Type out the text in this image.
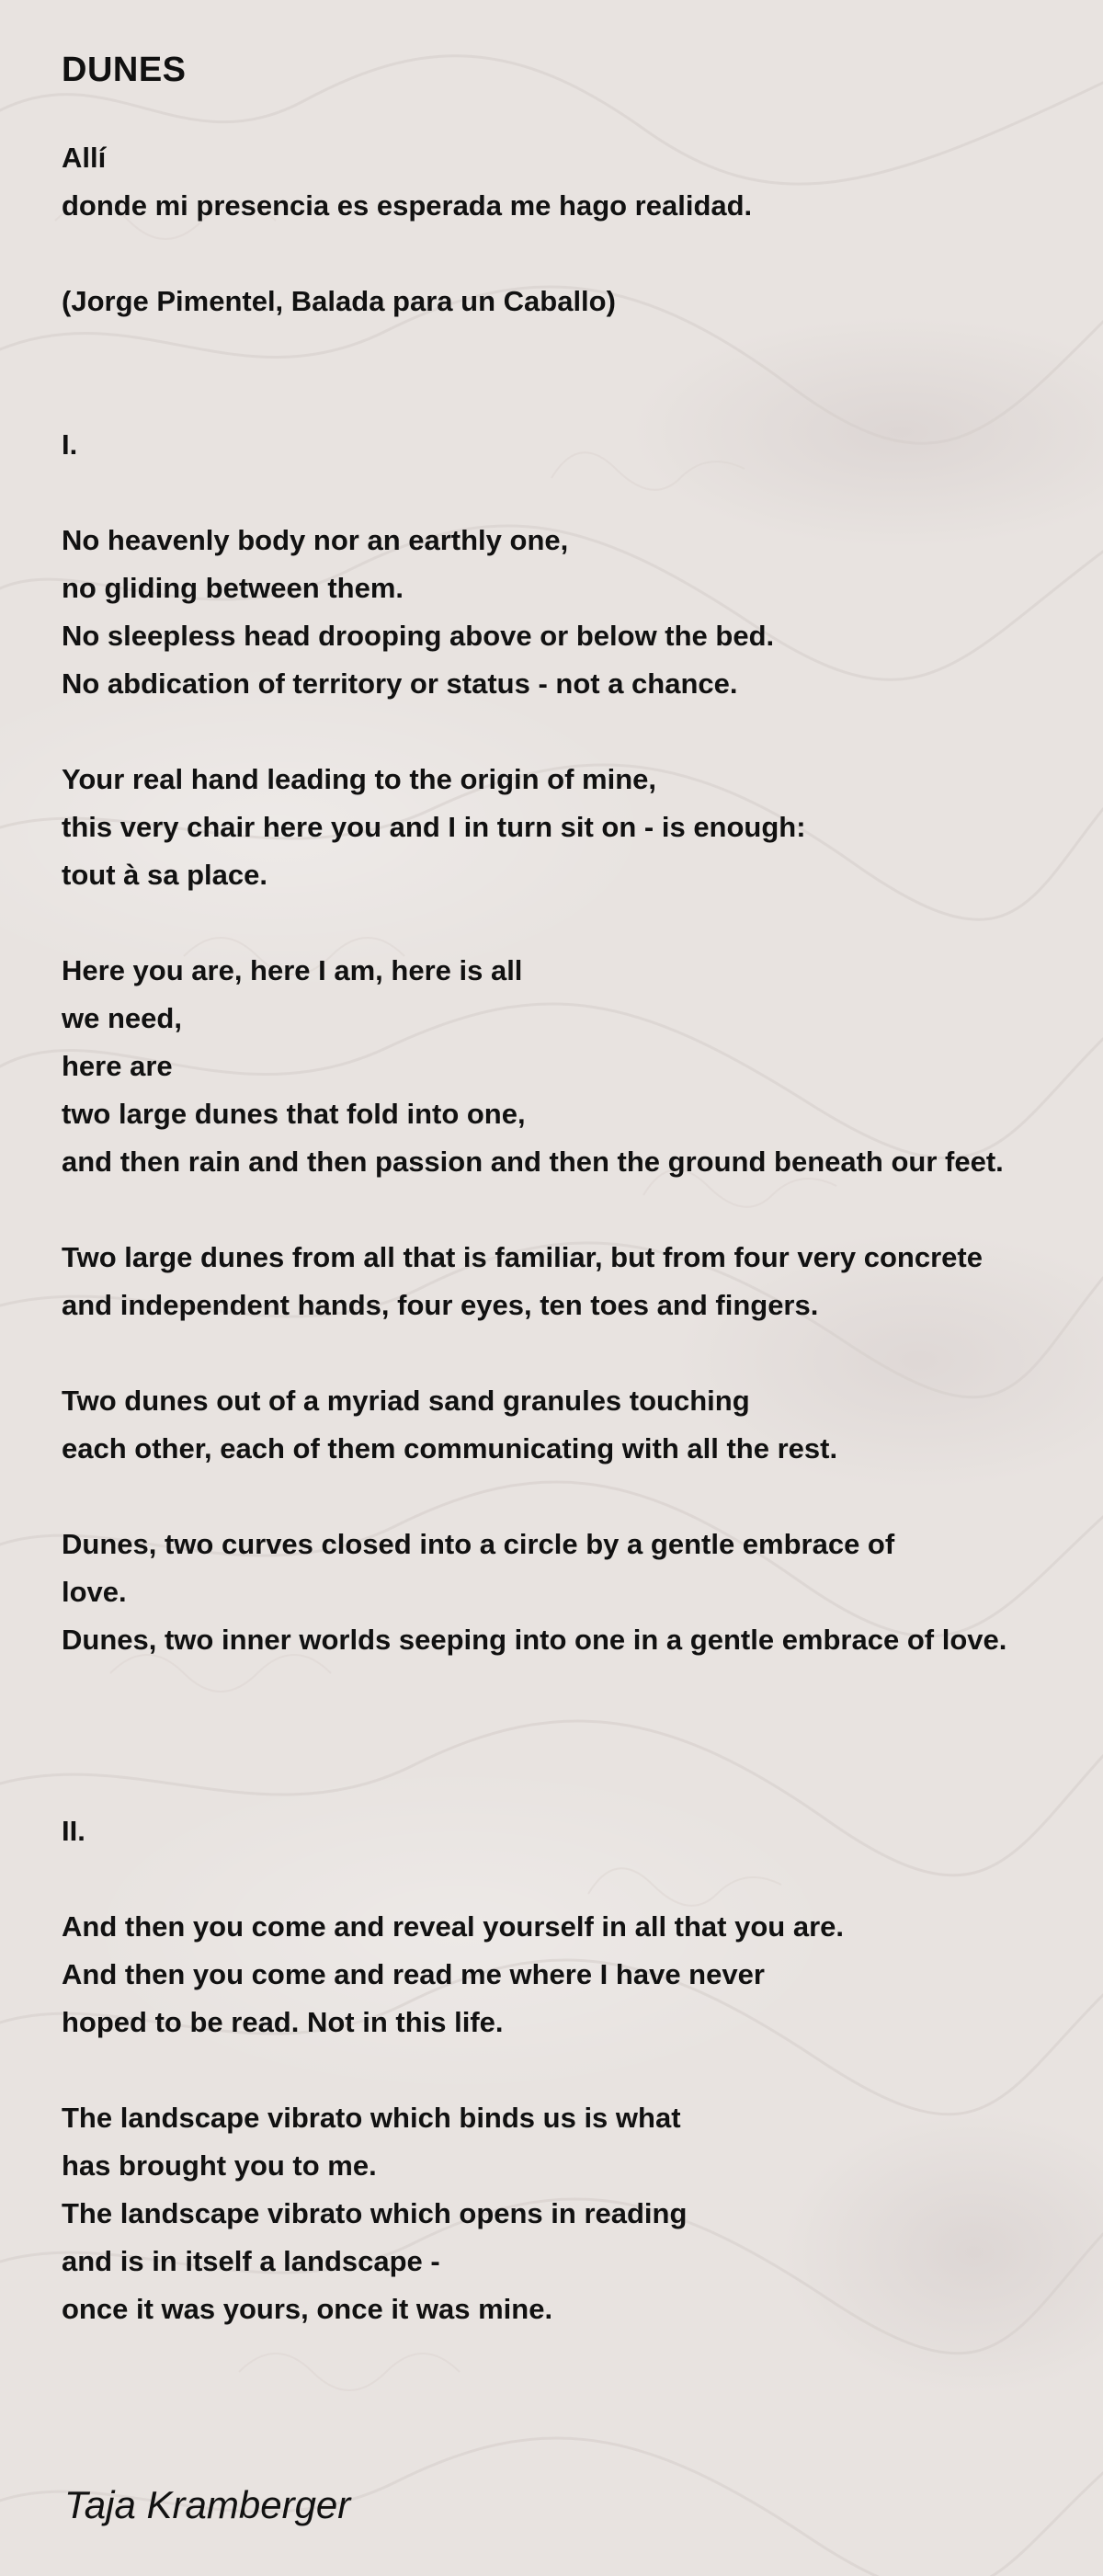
DUNES
Allí
donde mi presencia es esperada me hago realidad.
(Jorge Pimentel, Balada para un Caballo)
I.
No heavenly body nor an earthly one,
no gliding between them.
No sleepless head drooping above or below the bed.
No abdication of territory or status - not a chance.
Your real hand leading to the origin of mine,
this very chair here you and I in turn sit on - is enough:
tout à sa place.
Here you are, here I am, here is all
we need,
here are
two large dunes that fold into one,
and then rain and then passion and then the ground beneath our feet.
Two large dunes from all that is familiar, but from four very concrete
and independent hands, four eyes, ten toes and fingers.
Two dunes out of a myriad sand granules touching
each other, each of them communicating with all the rest.
Dunes, two curves closed into a circle by a gentle embrace of
love.
Dunes, two inner worlds seeping into one in a gentle embrace of love.
II.
And then you come and reveal yourself in all that you are.
And then you come and read me where I have never
hoped to be read. Not in this life.
The landscape vibrato which binds us is what
has brought you to me.
The landscape vibrato which opens in reading
and is in itself a landscape -
once it was yours, once it was mine.
Taja Kramberger
